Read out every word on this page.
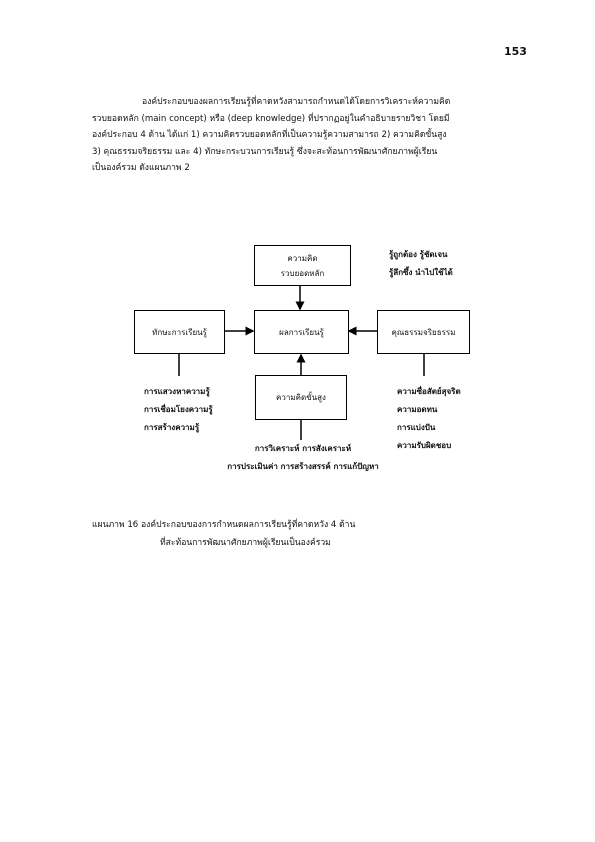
153
องค์ประกอบของผลการเรียนรู้ที่คาดหวังสามารถกำหนดได้โดยการวิเคราะห์ความคิด
รวบยอดหลัก (main concept) หรือ (deep knowledge) ที่ปรากฏอยู่ในคำอธิบายรายวิชา โดยมี
องค์ประกอบ 4 ด้าน ได้แก่ 1) ความคิดรวบยอดหลักที่เป็นความรู้ความสามารถ 2) ความคิดขั้นสูง
3) คุณธรรมจริยธรรม และ 4) ทักษะกระบวนการเรียนรู้ ซึ่งจะสะท้อนการพัฒนาศักยภาพผู้เรียน
เป็นองค์รวม ดังแผนภาพ 2
ความคิด
รวบยอดหลัก
ผลการเรียนรู้
ทักษะการเรียนรู้	คุณธรรมจริยธรรม
ความคิดขั้นสูง
รู้ถูกต้อง รู้ชัดเจน
รู้ลึกซึ้ง นำไปใช้ได้
การแสวงหาความรู้
การเชื่อมโยงความรู้
การสร้างความรู้
ความซื่อสัตย์สุจริต
ความอดทน
การแบ่งปัน
ความรับผิดชอบ
การวิเคราะห์ การสังเคราะห์
การประเมินค่า การสร้างสรรค์ การแก้ปัญหา
แผนภาพ 16 องค์ประกอบของการกำหนดผลการเรียนรู้ที่คาดหวัง 4 ด้าน
ที่สะท้อนการพัฒนาศักยภาพผู้เรียนเป็นองค์รวม
